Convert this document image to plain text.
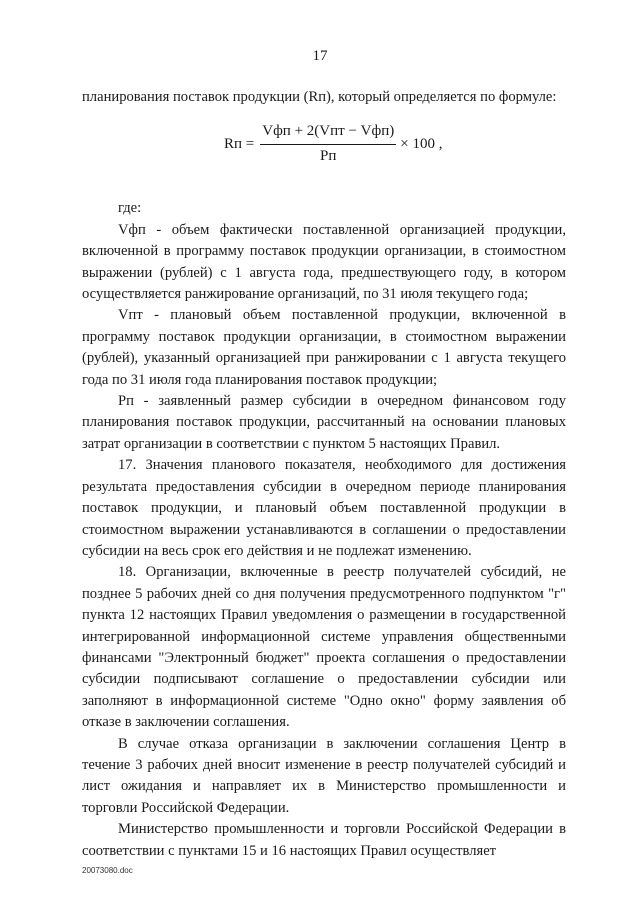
17

планирования поставок продукции (Rп), который определяется по формуле:

Rп = $\frac{\text{Vфп + 2(Vпт − Vфп)}}{Pп} \times 100$ ,

где:

Vфп - объем фактически поставленной организацией продукции, включенной в программу поставок продукции организации, в стоимостном выражении (рублей) с 1 августа года, предшествующего году, в котором осуществляется ранжирование организаций, по 31 июля текущего года;

Vпт - плановый объем поставленной продукции, включенной в программу поставок продукции организации, в стоимостном выражении (рублей), указанный организацией при ранжировании с 1 августа текущего года по 31 июля года планирования поставок продукции;

Pп - заявленный размер субсидии в очередном финансовом году планирования поставок продукции, рассчитанный на основании плановых затрат организации в соответствии с пунктом 5 настоящих Правил.

17. Значения планового показателя, необходимого для достижения результата предоставления субсидии в очередном периоде планирования поставок продукции, и плановый объем поставленной продукции в стоимостном выражении устанавливаются в соглашении о предоставлении субсидии на весь срок его действия и не подлежат изменению.

18. Организации, включенные в реестр получателей субсидий, не позднее 5 рабочих дней со дня получения предусмотренного подпунктом "г" пункта 12 настоящих Правил уведомления о размещении в государственной интегрированной информационной системе управления общественными финансами "Электронный бюджет" проекта соглашения о предоставлении субсидии подписывают соглашение о предоставлении субсидии или заполняют в информационной системе "Одно окно" форму заявления об отказе в заключении соглашения.

В случае отказа организации в заключении соглашения Центр в течение 3 рабочих дней вносит изменение в реестр получателей субсидий и лист ожидания и направляет их в Министерство промышленности и торговли Российской Федерации.

Министерство промышленности и торговли Российской Федерации в соответствии с пунктами 15 и 16 настоящих Правил осуществляет

20073080.doc
